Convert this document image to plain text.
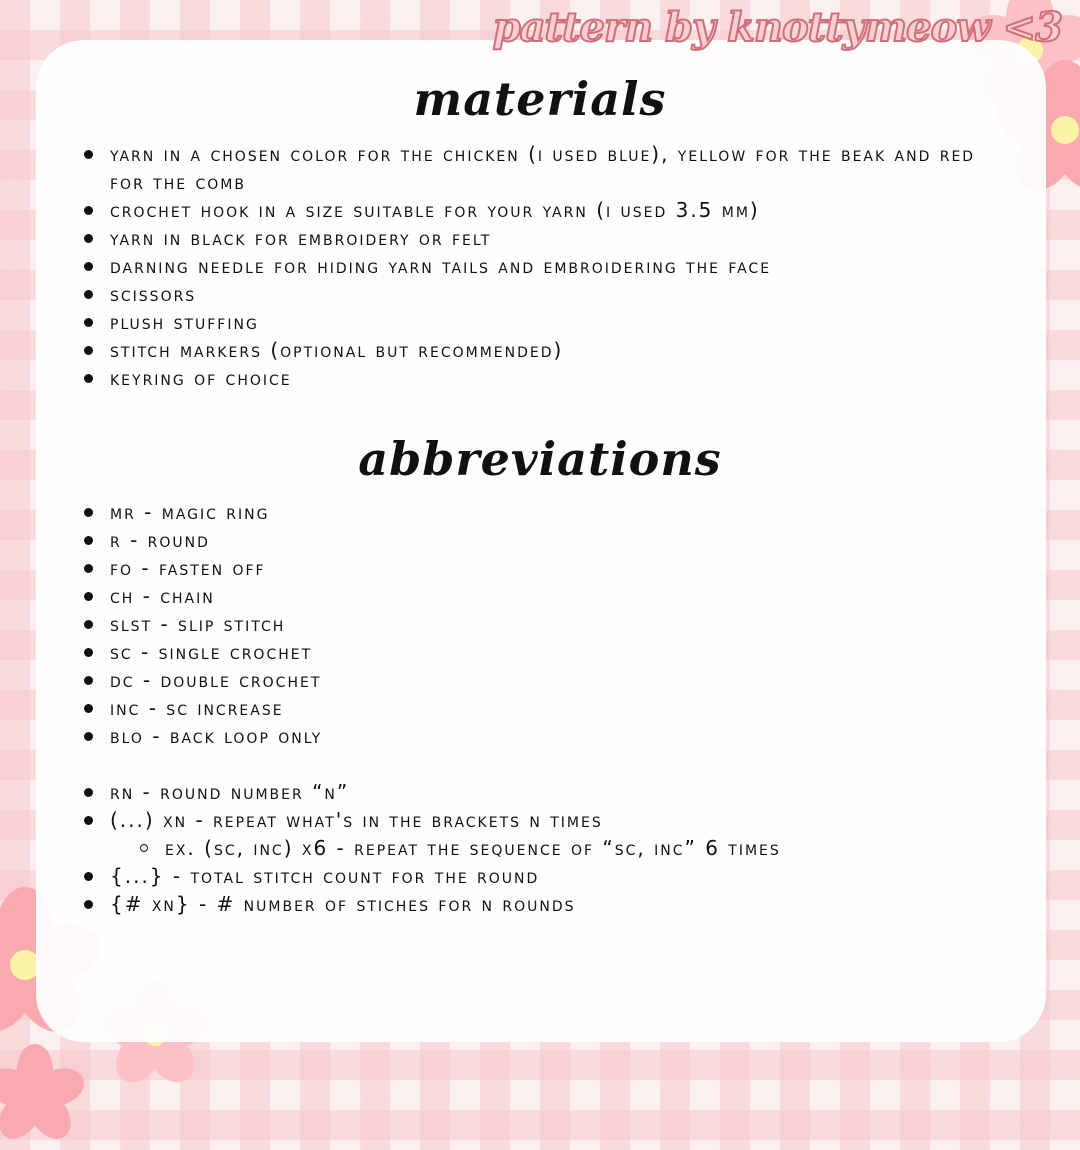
pattern by knottymeow <3
materials
yarn in a chosen color for the chicken (i used blue), yellow for the beak and red for the comb
crochet hook in a size suitable for your yarn (i used 3.5 mm)
yarn in black for embroidery or felt
darning needle for hiding yarn tails and embroidering the face
scissors
plush stuffing
stitch markers (optional but recommended)
keyring of choice
abbreviations
mr - magic ring
r - round
fo - fasten off
ch - chain
slst - slip stitch
sc - single crochet
dc - double crochet
inc - sc increase
blo - back loop only
rn - round number “n”
(...) xn - repeat what's in the brackets n times
ex. (sc, inc) x6 - repeat the sequence of “sc, inc” 6 times
{...} - total stitch count for the round
{# xn} - # number of stiches for n rounds
